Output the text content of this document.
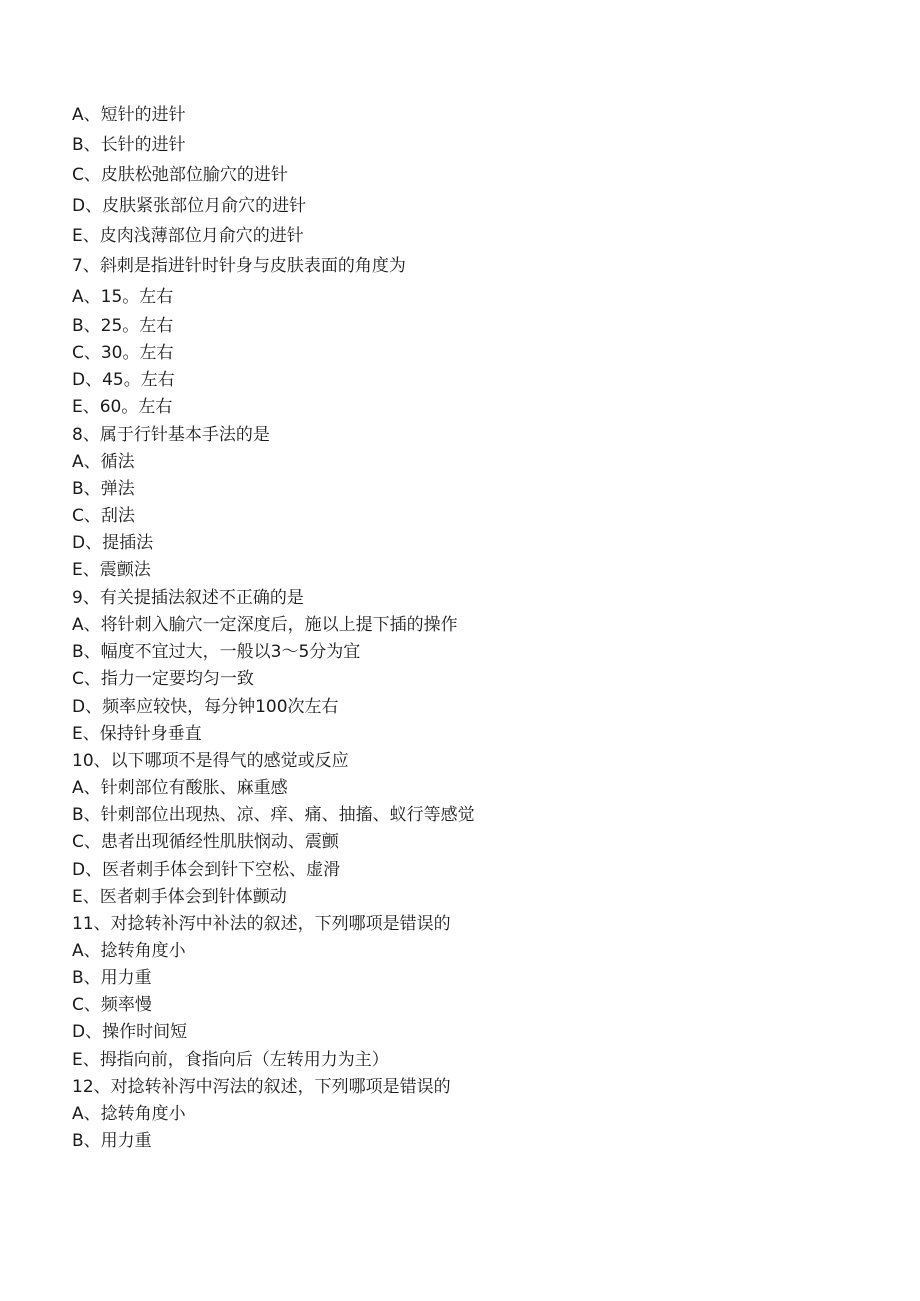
A、短针的进针
B、长针的进针
C、皮肤松弛部位腧穴的进针
D、皮肤紧张部位月俞穴的进针
E、皮肉浅薄部位月俞穴的进针
7、斜刺是指进针时针身与皮肤表面的角度为
A、15。左右
B、25。左右
C、30。左右
D、45。左右
E、60。左右
8、属于行针基本手法的是
A、循法
B、弹法
C、刮法
D、提插法
E、震颤法
9、有关提插法叙述不正确的是
A、将针刺入腧穴一定深度后，施以上提下插的操作
B、幅度不宜过大，一般以3～5分为宜
C、指力一定要均匀一致
D、频率应较快，每分钟100次左右
E、保持针身垂直
10、以下哪项不是得气的感觉或反应
A、针刺部位有酸胀、麻重感
B、针刺部位出现热、凉、痒、痛、抽搐、蚁行等感觉
C、患者出现循经性肌肤悯动、震颤
D、医者刺手体会到针下空松、虚滑
E、医者刺手体会到针体颤动
11、对捻转补泻中补法的叙述，下列哪项是错误的
A、捻转角度小
B、用力重
C、频率慢
D、操作时间短
E、拇指向前，食指向后（左转用力为主）
12、对捻转补泻中泻法的叙述，下列哪项是错误的
A、捻转角度小
B、用力重
